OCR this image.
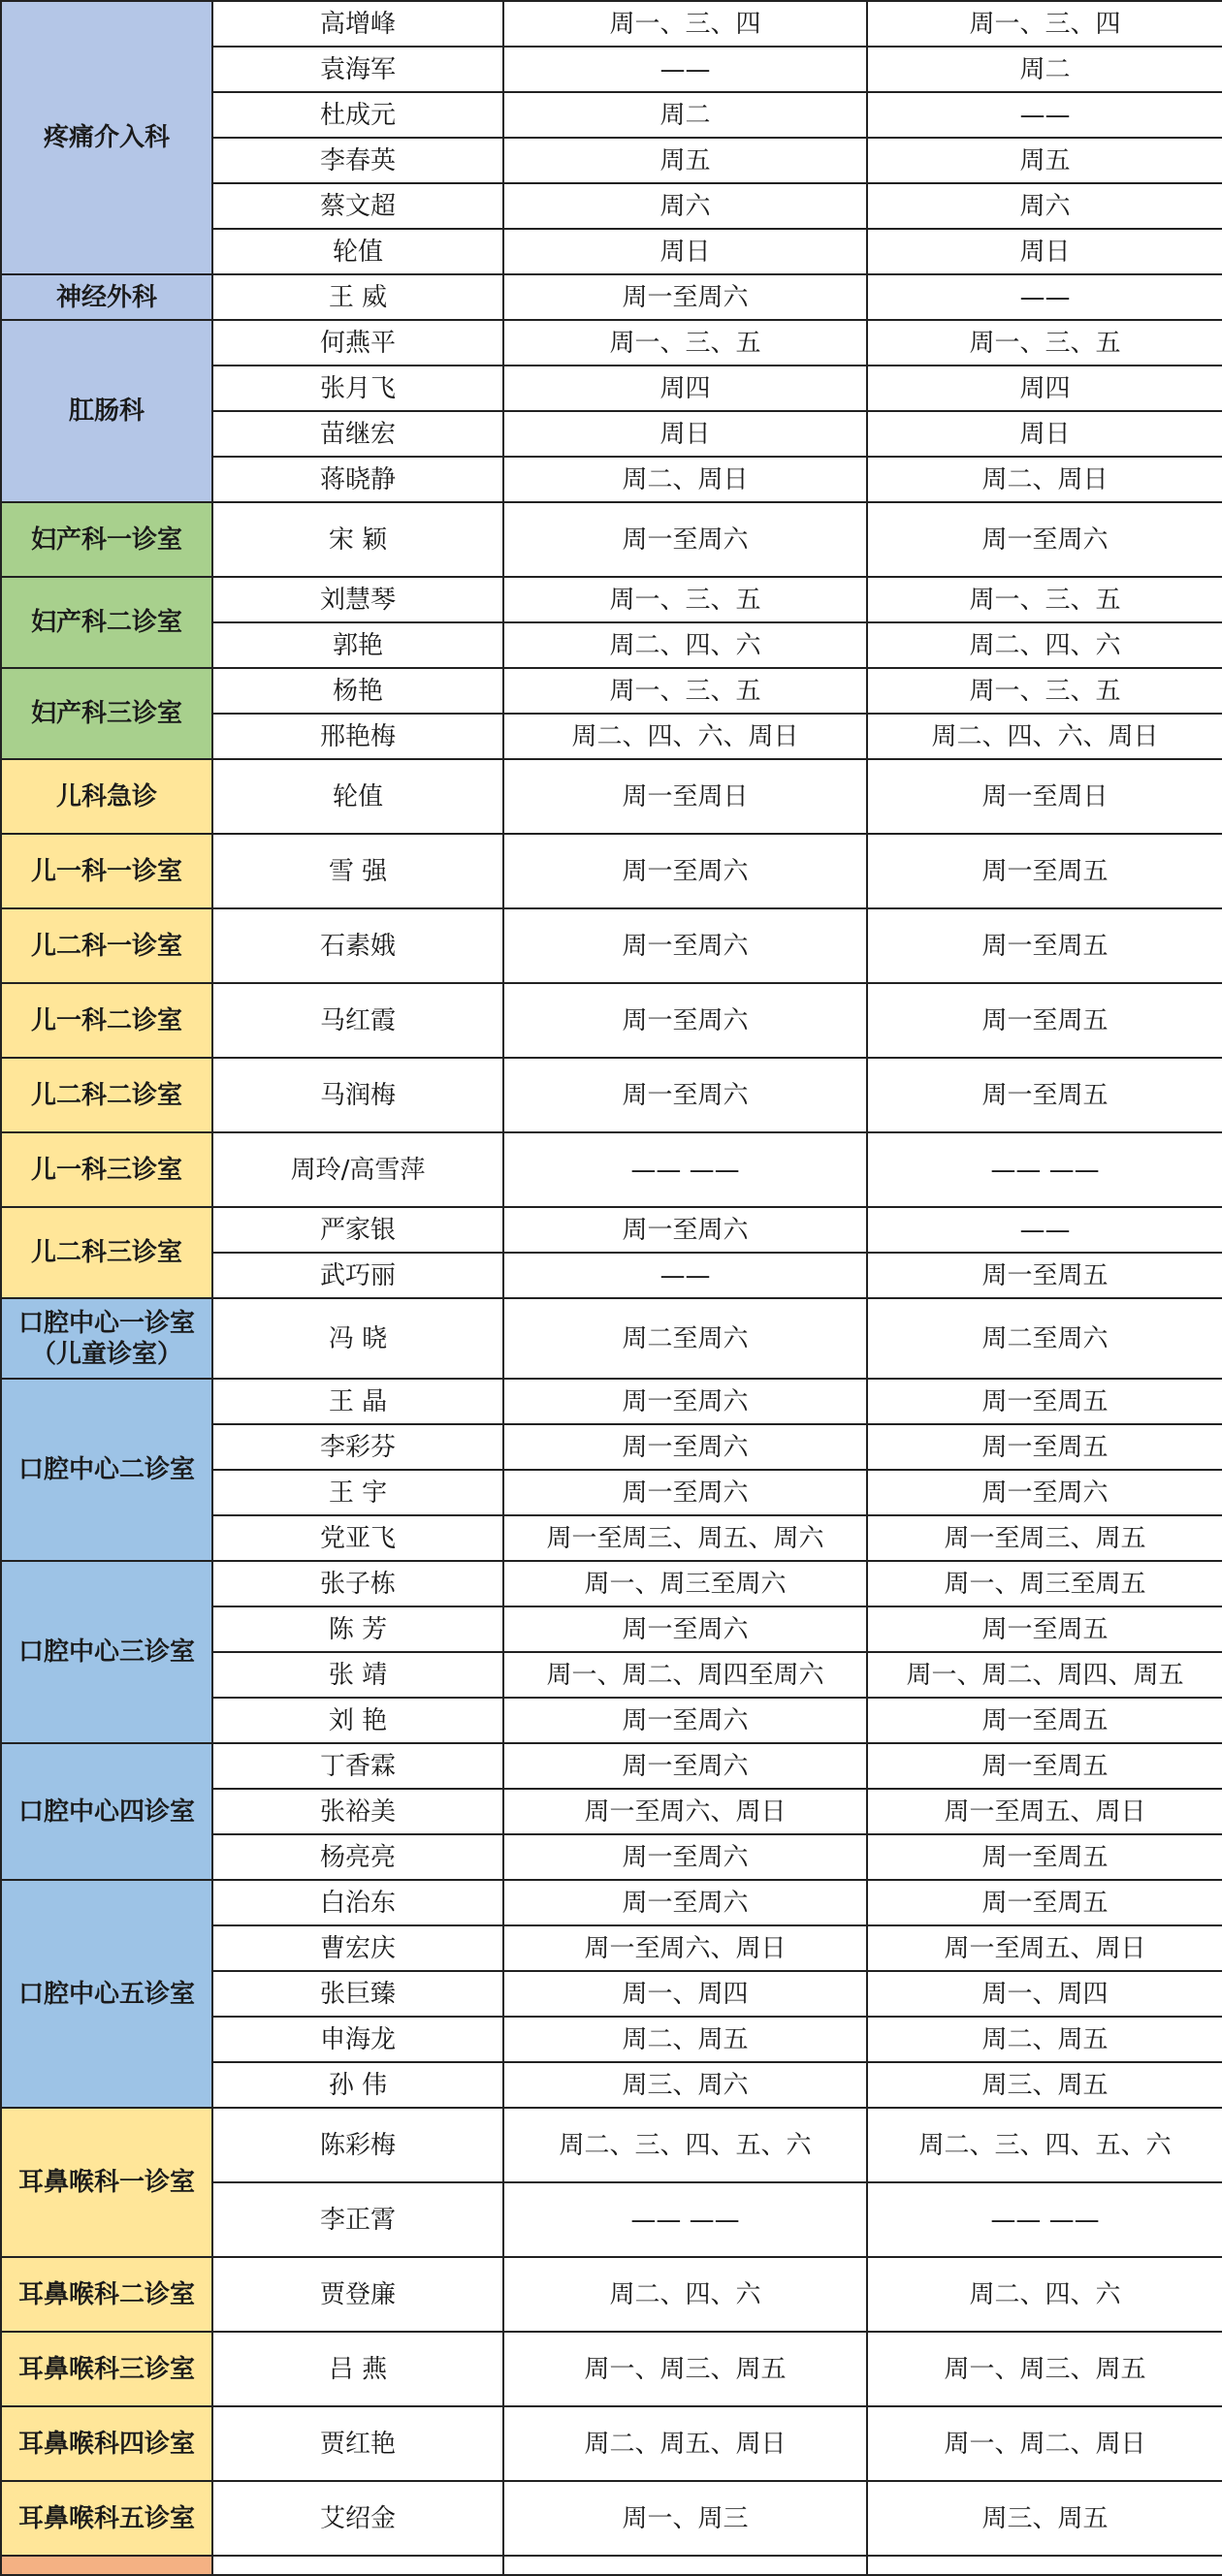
疼痛介入科	高增峰	周一、三、四	周一、三、四
	袁海军	——	周二
	杜成元	周二	——
	李春英	周五	周五
	蔡文超	周六	周六
	轮值	周日	周日
神经外科	王 威	周一至周六	——
肛肠科	何燕平	周一、三、五	周一、三、五
	张月飞	周四	周四
	苗继宏	周日	周日
	蒋晓静	周二、周日	周二、周日
妇产科一诊室	宋 颖	周一至周六	周一至周六
妇产科二诊室	刘慧琴	周一、三、五	周一、三、五
	郭艳	周二、四、六	周二、四、六
妇产科三诊室	杨艳	周一、三、五	周一、三、五
	邢艳梅	周二、四、六、周日	周二、四、六、周日
儿科急诊	轮值	周一至周日	周一至周日
儿一科一诊室	雪 强	周一至周六	周一至周五
儿二科一诊室	石素娥	周一至周六	周一至周五
儿一科二诊室	马红霞	周一至周六	周一至周五
儿二科二诊室	马润梅	周一至周六	周一至周五
儿一科三诊室	周玲/高雪萍	—— ——	—— ——
儿二科三诊室	严家银	周一至周六	——
	武巧丽	——	周一至周五
口腔中心一诊室（儿童诊室）	冯 晓	周二至周六	周二至周六
口腔中心二诊室	王 晶	周一至周六	周一至周五
	李彩芬	周一至周六	周一至周五
	王 宇	周一至周六	周一至周六
	党亚飞	周一至周三、周五、周六	周一至周三、周五
口腔中心三诊室	张子栋	周一、周三至周六	周一、周三至周五
	陈 芳	周一至周六	周一至周五
	张 靖	周一、周二、周四至周六	周一、周二、周四、周五
	刘 艳	周一至周六	周一至周五
口腔中心四诊室	丁香霖	周一至周六	周一至周五
	张裕美	周一至周六、周日	周一至周五、周日
	杨亮亮	周一至周六	周一至周五
口腔中心五诊室	白治东	周一至周六	周一至周五
	曹宏庆	周一至周六、周日	周一至周五、周日
	张巨臻	周一、周四	周一、周四
	申海龙	周二、周五	周二、周五
	孙 伟	周三、周六	周三、周五
耳鼻喉科一诊室	陈彩梅	周二、三、四、五、六	周二、三、四、五、六
	李正霄	—— ——	—— ——
耳鼻喉科二诊室	贾登廉	周二、四、六	周二、四、六
耳鼻喉科三诊室	吕 燕	周一、周三、周五	周一、周三、周五
耳鼻喉科四诊室	贾红艳	周二、周五、周日	周一、周二、周日
耳鼻喉科五诊室	艾绍金	周一、周三	周三、周五
